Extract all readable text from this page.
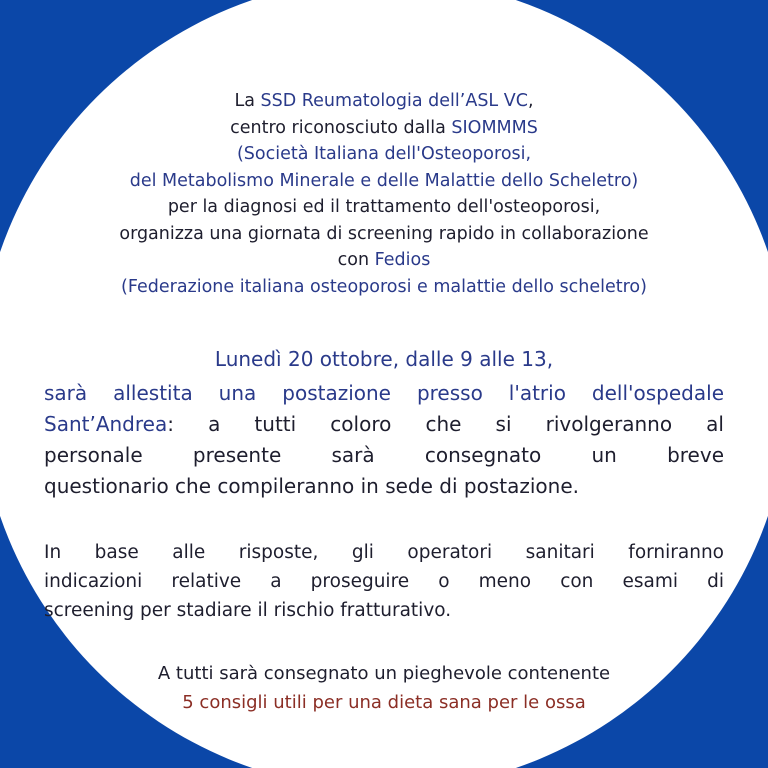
La SSD Reumatologia dell’ASL VC,
centro riconosciuto dalla SIOMMMS
(Società Italiana dell'Osteoporosi,
del Metabolismo Minerale e delle Malattie dello Scheletro)
per la diagnosi ed il trattamento dell'osteoporosi,
organizza una giornata di screening rapido in collaborazione
con Fedios
(Federazione italiana osteoporosi e malattie dello scheletro)
Lunedì 20 ottobre, dalle 9 alle 13,
sarà allestita una postazione presso l'atrio dell'ospedale
Sant’Andrea: a tutti coloro che si rivolgeranno al
personale presente sarà consegnato un breve
questionario che compileranno in sede di postazione.
In base alle risposte, gli operatori sanitari forniranno
indicazioni relative a proseguire o meno con esami di
screening per stadiare il rischio fratturativo.
A tutti sarà consegnato un pieghevole contenente
5 consigli utili per una dieta sana per le ossa
